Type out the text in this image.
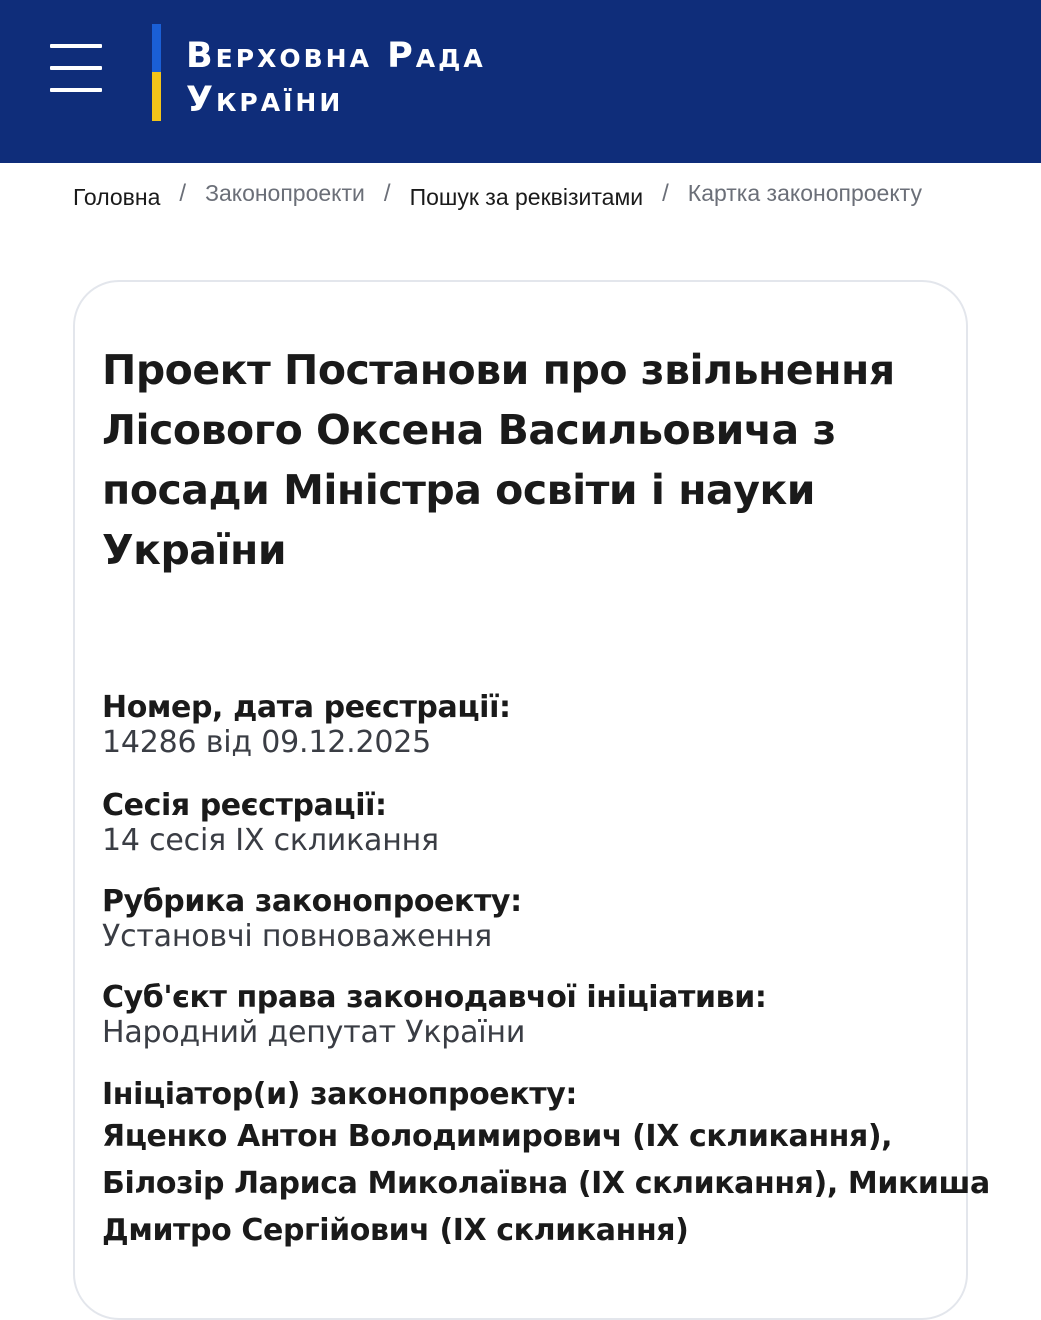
Верховна Рада
України
Головна / Законопроекти / Пошук за реквізитами / Картка законопроекту
Проект Постанови про звільнення
Лісового Оксена Васильовича з
посади Міністра освіти і науки
України
Номер, дата реєстрації:
14286 від 09.12.2025
Сесія реєстрації:
14 сесія IX скликання
Рубрика законопроекту:
Установчі повноваження
Суб'єкт права законодавчої ініціативи:
Народний депутат України
Ініціатор(и) законопроекту:
Яценко Антон Володимирович (IX скликання),
Білозір Лариса Миколаївна (IX скликання), Микиша
Дмитро Сергійович (IX скликання)
